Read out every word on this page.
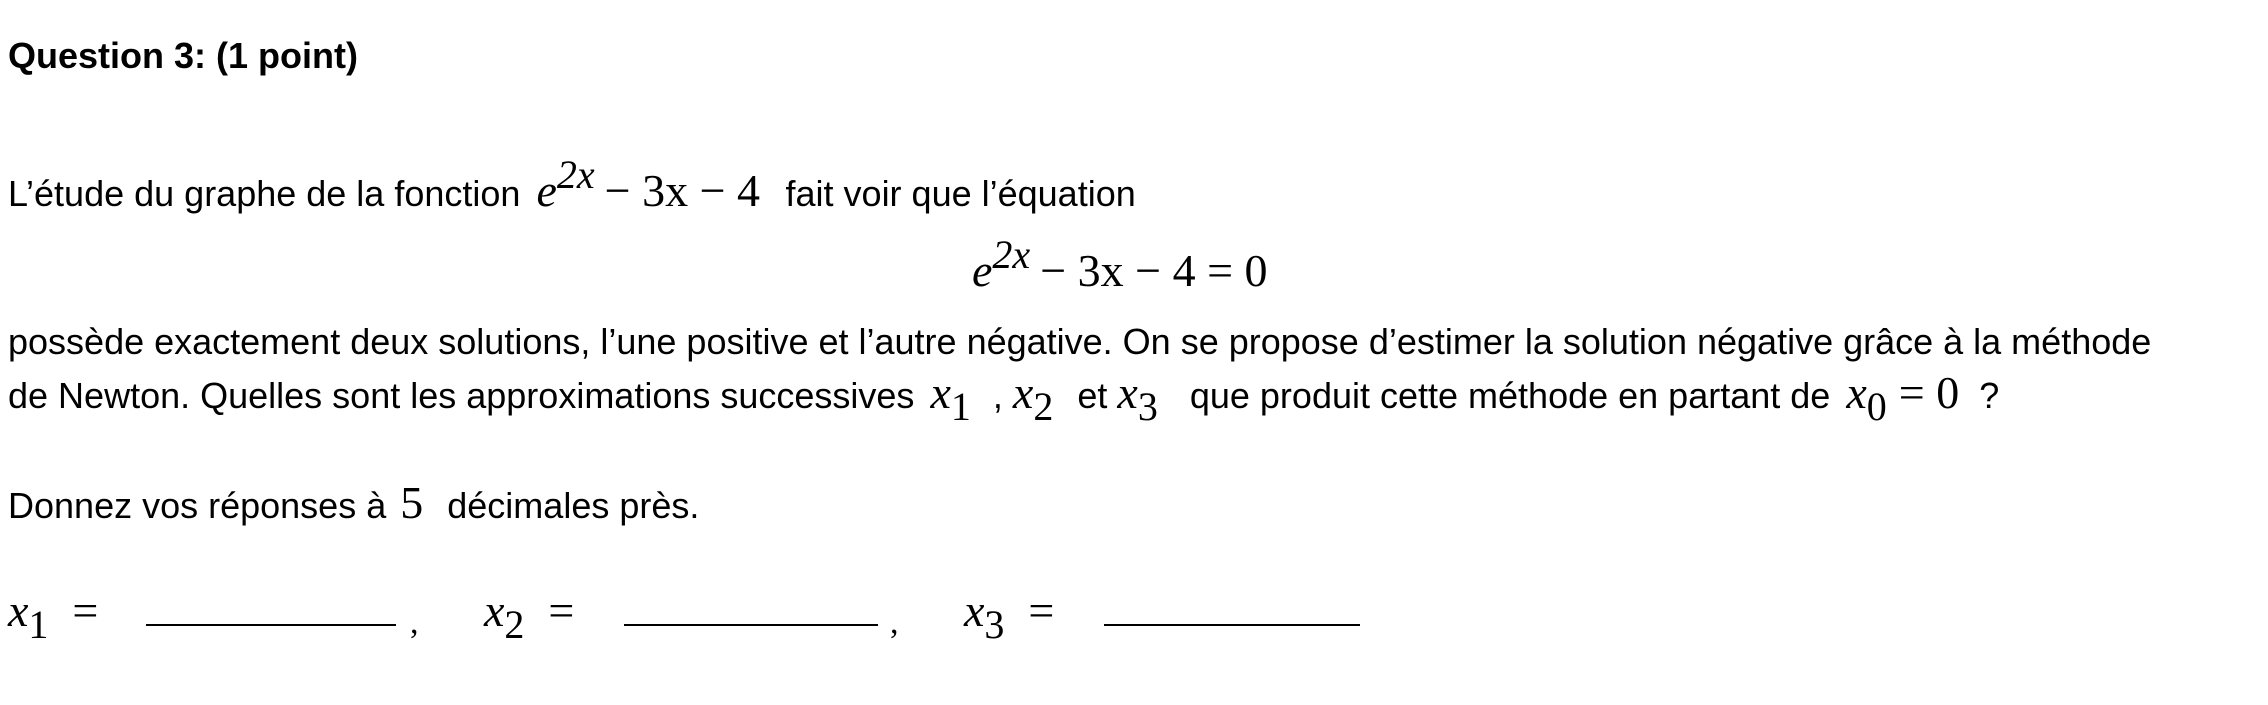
Question 3: (1 point)
L’étude du graphe de la fonction e2x − 3x − 4 fait voir que l’équation
e2x − 3x − 4 = 0
possède exactement deux solutions, l’une positive et l’autre négative. On se propose d’estimer la solution négative grâce à la méthode
de Newton. Quelles sont les approximations successives x1 , x2 et x3 que produit cette méthode en partant de x0 = 0 ?
Donnez vos réponses à 5 décimales près.
x1 =	, x2 =	, x3 =
